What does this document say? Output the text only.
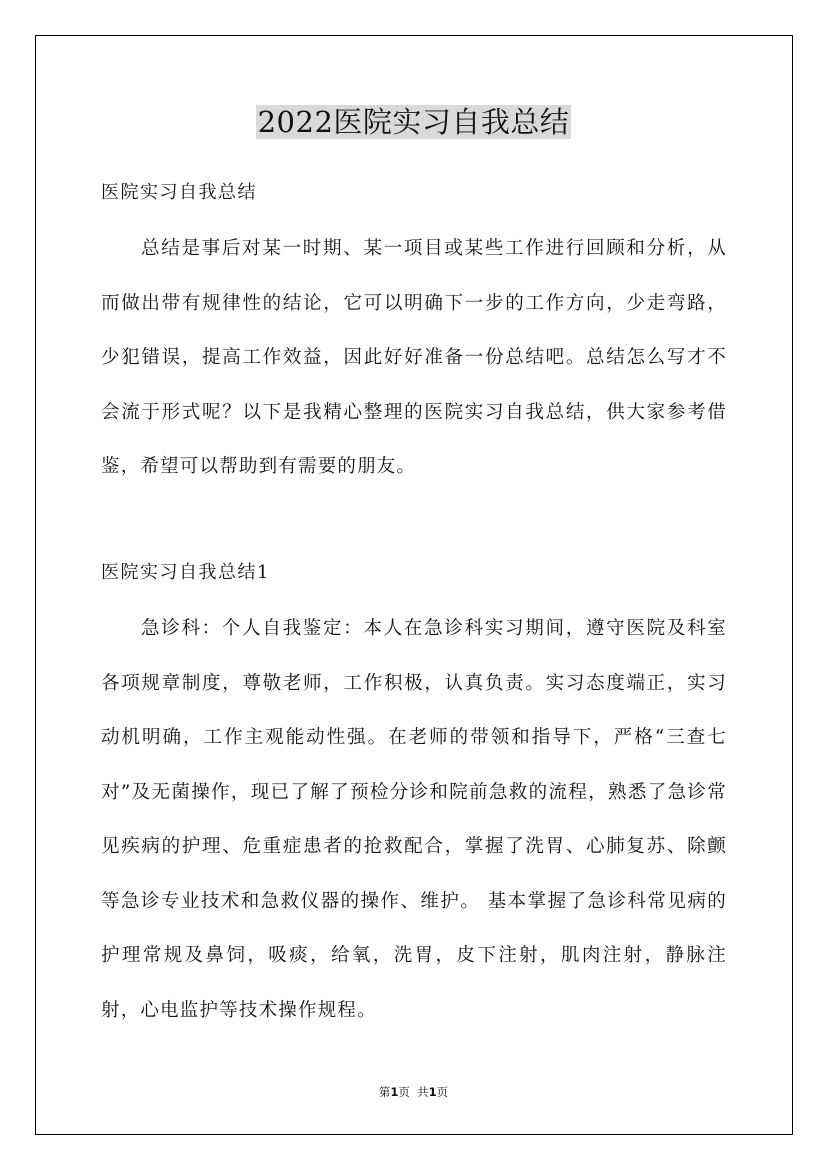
2022医院实习自我总结
医院实习自我总结

总结是事后对某一时期、某一项目或某些工作进行回顾和分析，从而做出带有规律性的结论，它可以明确下一步的工作方向，少走弯路，少犯错误，提高工作效益，因此好好准备一份总结吧。总结怎么写才不会流于形式呢？以下是我精心整理的医院实习自我总结，供大家参考借鉴，希望可以帮助到有需要的朋友。

医院实习自我总结1

急诊科：个人自我鉴定：本人在急诊科实习期间，遵守医院及科室各项规章制度，尊敬老师，工作积极，认真负责。实习态度端正，实习动机明确，工作主观能动性强。在老师的带领和指导下，严格“三查七对”及无菌操作，现已了解了预检分诊和院前急救的流程，熟悉了急诊常见疾病的护理、危重症患者的抢救配合，掌握了洗胃、心肺复苏、除颤等急诊专业技术和急救仪器的操作、维护。 基本掌握了急诊科常见病的护理常规及鼻饲，吸痰，给氧，洗胃，皮下注射，肌肉注射，静脉注射，心电监护等技术操作规程。

第1页  共1页
